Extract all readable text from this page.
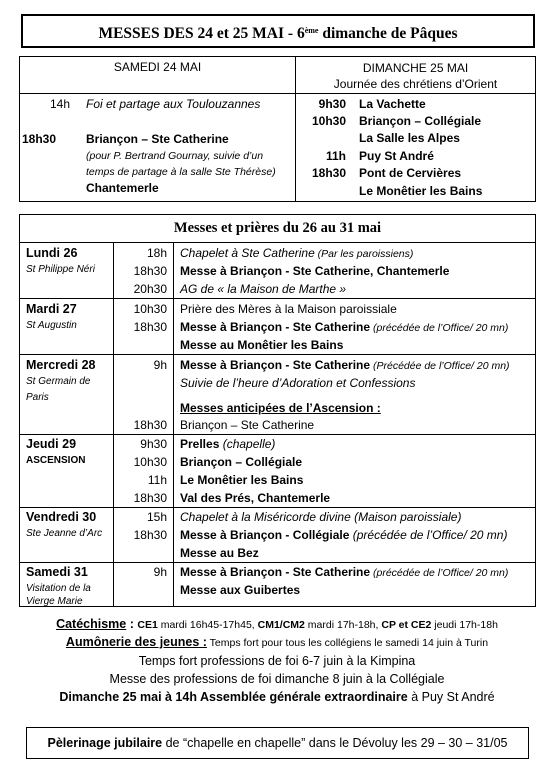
MESSES DES 24 et 25 MAI - 6ème dimanche de Pâques
SAMEDI 24 MAI	DIMANCHE 25 MAI
Journée des chrétiens d’Orient
14h Foi et partage aux Toulouzannes
18h30 Briançon – Ste Catherine
(pour P. Bertrand Gournay, suivie d’un
temps de partage à la salle Ste Thérèse)
Chantemerle
9h30 La Vachette
10h30 Briançon – Collégiale
La Salle les Alpes
11h Puy St André
18h30 Pont de Cervières
Le Monêtier les Bains
Messes et prières du 26 au 31 mai
Lundi 26
St Philippe Néri
18h Chapelet à Ste Catherine (Par les paroissiens)
18h30 Messe à Briançon - Ste Catherine, Chantemerle
20h30 AG de « la Maison de Marthe »
Mardi 27
St Augustin
10h30 Prière des Mères à la Maison paroissiale
18h30 Messe à Briançon - Ste Catherine (précédée de l’Office/ 20 mn)
Messe au Monêtier les Bains
Mercredi 28
St Germain de
Paris
9h Messe à Briançon - Ste Catherine (Précédée de l’Office/ 20 mn)
Suivie de l’heure d’Adoration et Confessions
Messes anticipées de l’Ascension :
18h30 Briançon – Ste Catherine
Jeudi 29
ASCENSION
9h30 Prelles (chapelle)
10h30 Briançon – Collégiale
11h Le Monêtier les Bains
18h30 Val des Prés, Chantemerle
Vendredi 30
Ste Jeanne d’Arc
15h Chapelet à la Miséricorde divine (Maison paroissiale)
18h30 Messe à Briançon - Collégiale (précédée de l’Office/ 20 mn)
Messe au Bez
Samedi 31
Visitation de la
Vierge Marie
9h Messe à Briançon - Ste Catherine (précédée de l’Office/ 20 mn)
Messe aux Guibertes
Catéchisme : CE1 mardi 16h45-17h45, CM1/CM2 mardi 17h-18h, CP et CE2 jeudi 17h-18h
Aumônerie des jeunes : Temps fort pour tous les collégiens le samedi 14 juin à Turin
Temps fort professions de foi 6-7 juin à la Kimpina
Messe des professions de foi dimanche 8 juin à la Collégiale
Dimanche 25 mai à 14h Assemblée générale extraordinaire à Puy St André
Pèlerinage jubilaire de “chapelle en chapelle” dans le Dévoluy les 29 – 30 – 31/05
